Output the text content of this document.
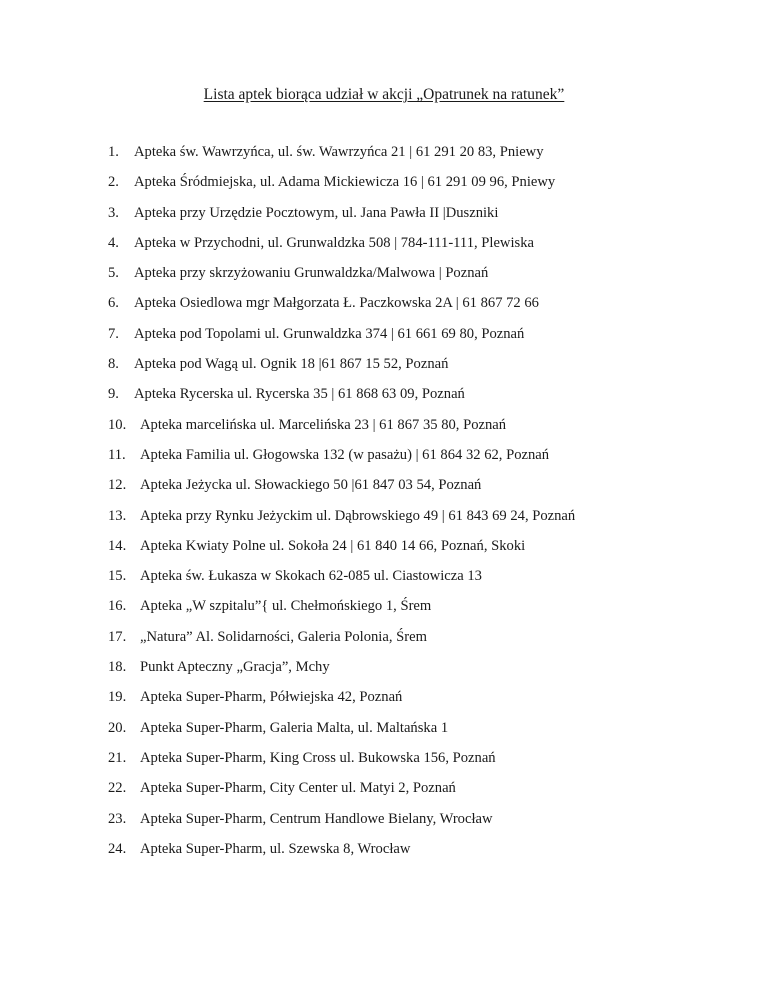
Lista aptek biorąca udział w akcji „Opatrunek na ratunek”
1.	Apteka św. Wawrzyńca, ul. św. Wawrzyńca 21 | 61 291 20 83, Pniewy
2.	Apteka Śródmiejska, ul. Adama Mickiewicza 16 | 61 291 09 96, Pniewy
3.	Apteka przy Urzędzie Pocztowym, ul. Jana Pawła II |Duszniki
4.	Apteka w Przychodni, ul. Grunwaldzka 508 | 784-111-111, Plewiska
5.	Apteka przy skrzyżowaniu Grunwaldzka/Malwowa | Poznań
6.	Apteka Osiedlowa mgr Małgorzata Ł. Paczkowska 2A | 61 867 72 66
7.	Apteka pod Topolami ul. Grunwaldzka 374 | 61 661 69 80, Poznań
8.	Apteka pod Wagą ul. Ognik 18 |61 867 15 52, Poznań
9.	Apteka Rycerska ul. Rycerska 35 | 61 868 63 09, Poznań
10. Apteka marcelińska ul. Marcelińska 23 | 61 867 35 80, Poznań
11. Apteka Familia ul. Głogowska 132 (w pasażu) | 61 864 32 62, Poznań
12. Apteka Jeżycka ul. Słowackiego 50 |61 847 03 54, Poznań
13. Apteka przy Rynku Jeżyckim ul. Dąbrowskiego 49 | 61 843 69 24, Poznań
14. Apteka Kwiaty Polne ul. Sokoła 24 | 61 840 14 66, Poznań, Skoki
15. Apteka św. Łukasza w Skokach 62-085 ul. Ciastowicza 13
16. Apteka „W szpitalu”{ ul. Chełmońskiego 1, Śrem
17. „Natura” Al. Solidarności, Galeria Polonia, Śrem
18. Punkt Apteczny „Gracja”, Mchy
19. Apteka Super-Pharm, Półwiejska 42, Poznań
20. Apteka Super-Pharm, Galeria Malta, ul. Maltańska 1
21. Apteka Super-Pharm, King Cross ul. Bukowska 156, Poznań
22. Apteka Super-Pharm, City Center ul. Matyi 2, Poznań
23. Apteka Super-Pharm, Centrum Handlowe Bielany, Wrocław
24. Apteka Super-Pharm, ul. Szewska 8, Wrocław
